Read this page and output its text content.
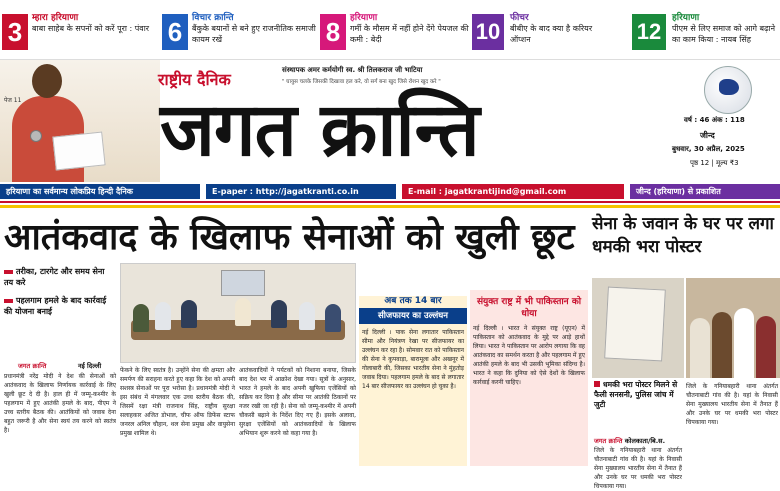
3	म्हारा हरियाणा
बाबा साहेब के सपनों को करें पूरा : पंवार 6	विचार क्रान्ति
बैंकुके बयानों से बने हुए राजनीतिक समाजी कायम रखें	8	हरियाणा
गर्मी के मौसम में नहीं होने देंगे पेयजल की कमी : बेदी	10
फीचर
बीबीए के बाद क्या है करियर ऑप्शन	12
हरियाणा
पीएम से लिए समाज को आगे बढ़ाने का काम किया : नायब सिंह
पेज 11
राष्ट्रीय दैनिक	संस्थापक अमर कर्मयोगी स्व. श्री तिलकराज जी भाटिया
" घायुस चलके जिसकी दिखावा हल करे, वो सर्ग बना खुद जिसे रोशन खुद करे "
जगत क्रान्ति	वर्ष : 46 अंक : 118
जीन्द
बुधवार, 30 अप्रैल, 2025
पृष्ठ 12 | मूल्य ₹3
हरियाणा का सर्वमान्य लोकप्रिय हिन्दी दैनिक	E-paper : http://jagatkranti.co.in	E-mail : jagatkrantijind@gmail.com	जीन्द (हरियाणा) से प्रकाशित
आतंकवाद के खिलाफ सेनाओं को खुली छूट	सेना के जवान के घर पर लगा धमकी भरा पोस्टर
तरीका, टारगेट और समय सेना तय करे
पहलगाम हमले के बाद कार्रवाई की योजना बनाई
जगत क्रान्ति	नई दिल्ली
प्रधानमंत्री नरेंद्र मोदी ने देश की सेनाओं को आतंकवाद के खिलाफ निर्णायक कार्रवाई के लिए खुली छूट दे दी है। हाल ही में जम्मू-कश्मीर के पहलगाम में हुए आतंकी हमले के बाद, पीएम ने उच्च स्तरीय बैठक की। आतंकियों को जवाब देना बहुत जरूरी है और सेना स्वयं तय करने को स्वतंत्र है।
फेंकने के लिए स्वतंत्र है। उन्होंने सेना की क्षमता और समर्पण की सराहना करते हुए कहा कि देश को अपनी सशस्त्र सेनाओं पर पूरा भरोसा है। प्रधानमंत्री मोदी ने इस संबंध में मंगलवार एक उच्च स्तरीय बैठक की, जिसमें रक्षा मंत्री राजनाथ सिंह, राष्ट्रीय सुरक्षा सलाहकार अजित डोभाल, चीफ ऑफ डिफेंस स्टाफ जनरल अनिल चौहान, थल सेना प्रमुख और वायुसेना प्रमुख शामिल थे।
आतंकवादियों ने पर्यटकों को निशाना बनाया, जिसके बाद देश भर में आक्रोश देखा गया। सूत्रों के अनुसार, भारत ने हमले के बाद अपनी खुफिया एजेंसियों को सक्रिय कर दिया है और सीमा पर आतंकी ठिकानों पर नजर रखी जा रही है। सेना को जम्मू-कश्मीर में अपनी चौकसी बढ़ाने के निर्देश दिए गए हैं। इसके अलावा, सुरक्षा एजेंसियों को आतंकवादियों के खिलाफ अभियान शुरू करने को कहा गया है।
अब तक 14 बार
सीजफायर का उल्लंघन
नई दिल्ली । पाक सेना लगातार पाकिस्तान सीमा और नियंत्रण रेखा पर सीजफायर का उल्लंघन कर रहा है। सोमवार रात को पाकिस्तान की सेना ने कुपवाड़ा, बारामूला और अखनूर में गोलाबारी की, जिसका भारतीय सेना ने मुंहतोड़ जवाब दिया। पहलगाम हमले के बाद से लगातार 14 बार सीजफायर का उल्लंघन हो चुका है।
संयुक्त राष्ट्र में भी पाकिस्तान को धोया
नई दिल्ली । भारत ने संयुक्त राष्ट्र (यूएन) में पाकिस्तान को आतंकवाद के मुद्दे पर आड़े हाथों लिया। भारत ने पाकिस्तान पर आरोप लगाया कि वह आतंकवाद का समर्थन करता है और पहलगाम में हुए आतंकी हमले के बाद भी उसकी भूमिका संदिग्ध है। भारत ने कहा कि दुनिया को ऐसे देशों के खिलाफ कार्रवाई करनी चाहिए।	धमकी भरा पोस्टर मिलने से फैली सनसनी, पुलिस जांच में जुटी
जगत क्रान्ति कोलकाता/बि.स.
जिले के गनियाबहारी थाना अंतर्गत चौतनाबाटी गांव की है। यहां के निवासी सेना मुख्यालय भारतीय सेना में तैनात हैं और उनके घर पर धमकी भरा पोस्टर चिपकाया गया।
जिले के गनियाबहारी थाना अंतर्गत चौतनाबाटी गांव की है। यहां के निवासी सेना मुख्यालय भारतीय सेना में तैनात हैं और उनके घर पर धमकी भरा पोस्टर चिपकाया गया।
